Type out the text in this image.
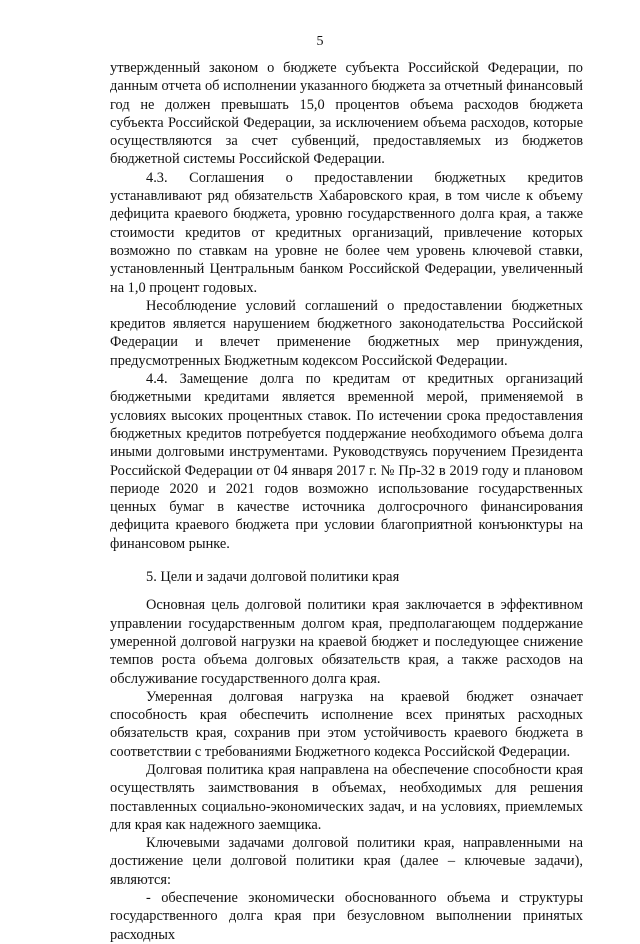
5

утвержденный законом о бюджете субъекта Российской Федерации, по данным отчета об исполнении указанного бюджета за отчетный финансовый год не должен превышать 15,0 процентов объема расходов бюджета субъекта Российской Федерации, за исключением объема расходов, которые осуществляются за счет субвенций, предоставляемых из бюджетов бюджетной системы Российской Федерации.

4.3. Соглашения о предоставлении бюджетных кредитов устанавливают ряд обязательств Хабаровского края, в том числе к объему дефицита краевого бюджета, уровню государственного долга края, а также стоимости кредитов от кредитных организаций, привлечение которых возможно по ставкам на уровне не более чем уровень ключевой ставки, установленный Центральным банком Российской Федерации, увеличенный на 1,0 процент годовых.

Несоблюдение условий соглашений о предоставлении бюджетных кредитов является нарушением бюджетного законодательства Российской Федерации и влечет применение бюджетных мер принуждения, предусмотренных Бюджетным кодексом Российской Федерации.

4.4. Замещение долга по кредитам от кредитных организаций бюджетными кредитами является временной мерой, применяемой в условиях высоких процентных ставок. По истечении срока предоставления бюджетных кредитов потребуется поддержание необходимого объема долга иными долговыми инструментами. Руководствуясь поручением Президента Российской Федерации от 04 января 2017 г. № Пр-32 в 2019 году и плановом периоде 2020 и 2021 годов возможно использование государственных ценных бумаг в качестве источника долгосрочного финансирования дефицита краевого бюджета при условии благоприятной конъюнктуры на финансовом рынке.

5. Цели и задачи долговой политики края

Основная цель долговой политики края заключается в эффективном управлении государственным долгом края, предполагающем поддержание умеренной долговой нагрузки на краевой бюджет и последующее снижение темпов роста объема долговых обязательств края, а также расходов на обслуживание государственного долга края.

Умеренная долговая нагрузка на краевой бюджет означает способность края обеспечить исполнение всех принятых расходных обязательств края, сохранив при этом устойчивость краевого бюджета в соответствии с требованиями Бюджетного кодекса Российской Федерации.

Долговая политика края направлена на обеспечение способности края осуществлять заимствования в объемах, необходимых для решения поставленных социально-экономических задач, и на условиях, приемлемых для края как надежного заемщика.

Ключевыми задачами долговой политики края, направленными на достижение цели долговой политики края (далее – ключевые задачи), являются:

- обеспечение экономически обоснованного объема и структуры государственного долга края при безусловном выполнении принятых расходных
